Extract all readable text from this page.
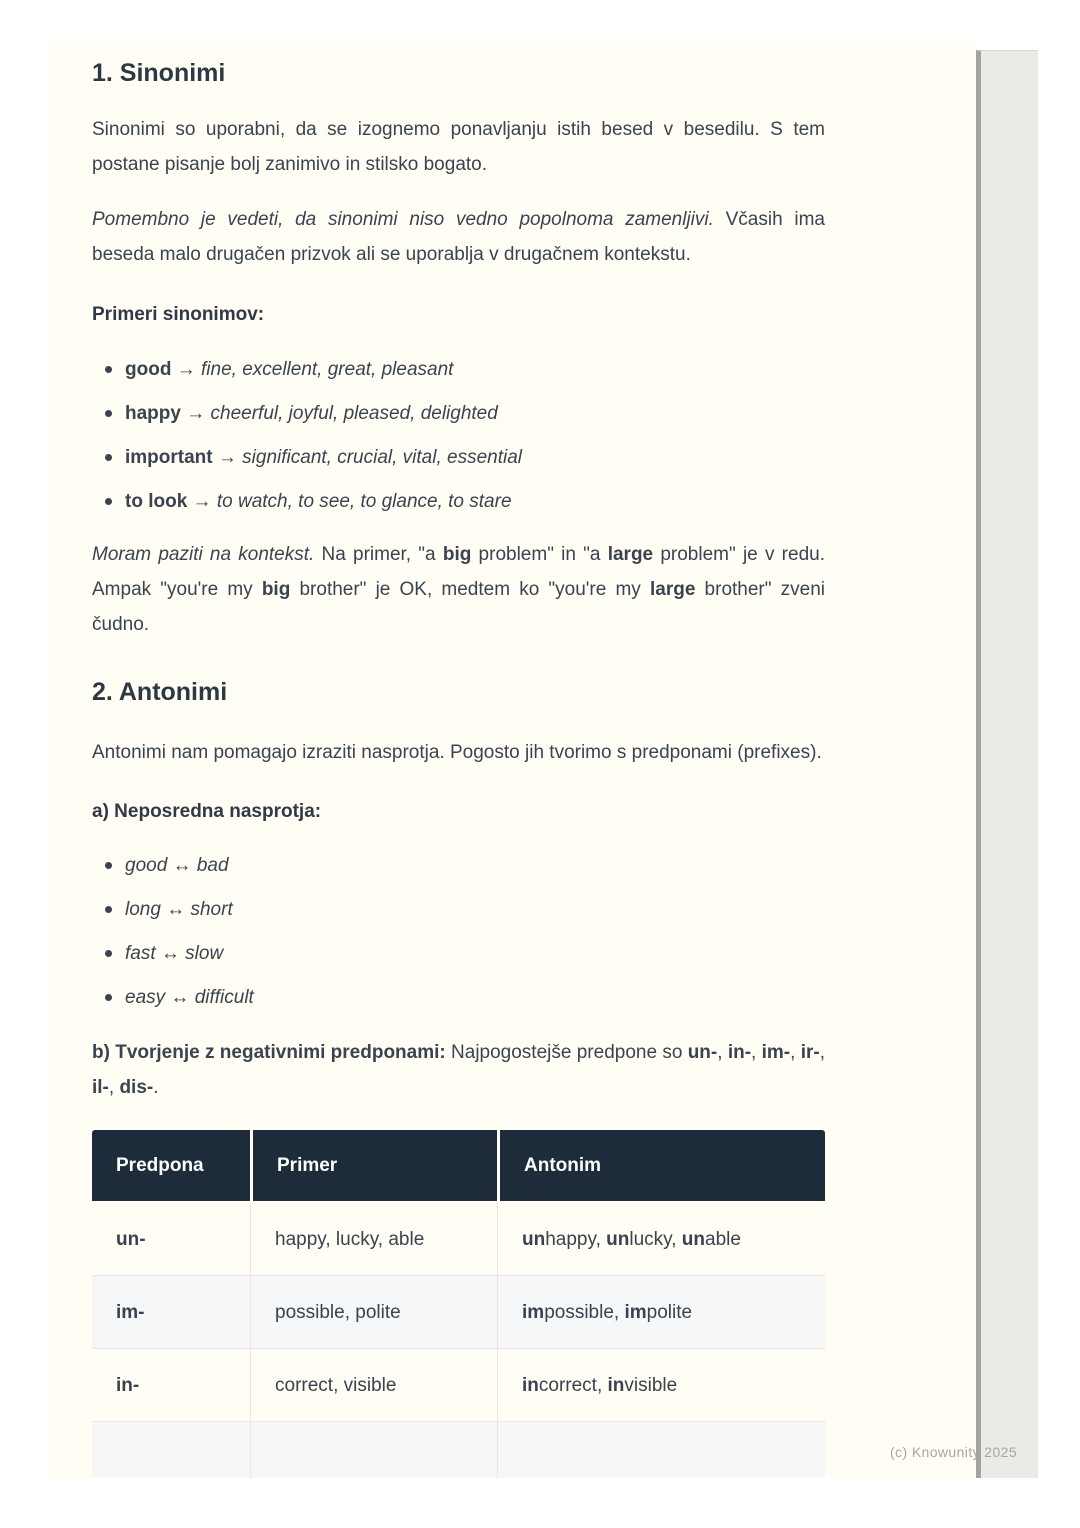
1. Sinonimi

Sinonimi so uporabni, da se izognemo ponavljanju istih besed v besedilu. S tem postane pisanje bolj zanimivo in stilsko bogato.

Pomembno je vedeti, da sinonimi niso vedno popolnoma zamenljivi. Včasih ima beseda malo drugačen prizvok ali se uporablja v drugačnem kontekstu.

Primeri sinonimov:

good → fine, excellent, great, pleasant
happy → cheerful, joyful, pleased, delighted
important → significant, crucial, vital, essential
to look → to watch, to see, to glance, to stare

Moram paziti na kontekst. Na primer, "a big problem" in "a large problem" je v redu. Ampak "you're my big brother" je OK, medtem ko "you're my large brother" zveni čudno.

2. Antonimi

Antonimi nam pomagajo izraziti nasprotja. Pogosto jih tvorimo s predponami (prefixes).

a) Neposredna nasprotja:

good ↔ bad
long ↔ short
fast ↔ slow
easy ↔ difficult

b) Tvorjenje z negativnimi predponami: Najpogostejše predpone so un-, in-, im-, ir-, il-, dis-.

Predpona	Primer	Antonim
un-	happy, lucky, able	unhappy, unlucky, unable
im-	possible, polite	impossible, impolite
in-	correct, visible	incorrect, invisible

(c) Knowunity 2025
